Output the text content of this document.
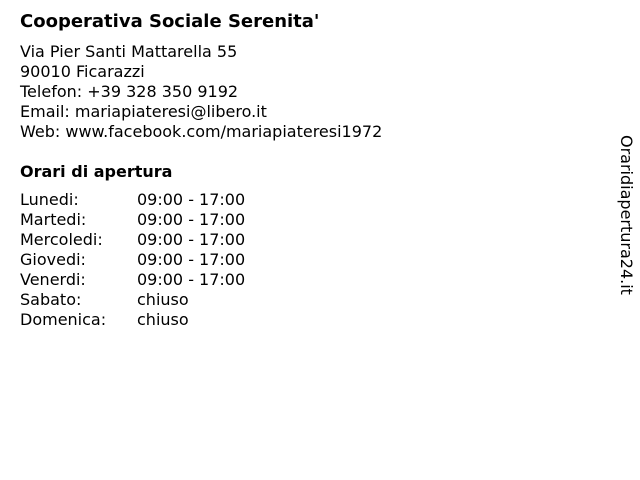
Cooperativa Sociale Serenita'
Via Pier Santi Mattarella 55
90010 Ficarazzi
Telefon: +39 328 350 9192
Email: mariapiateresi@libero.it
Web: www.facebook.com/mariapiateresi1972
Orari di apertura
Lunedi:	09:00 - 17:00
Martedi:	09:00 - 17:00
Mercoledi:	09:00 - 17:00
Giovedi:	09:00 - 17:00
Venerdi:	09:00 - 17:00
Sabato:	chiuso
Domenica:	chiuso
Oraridiapertura24.it
